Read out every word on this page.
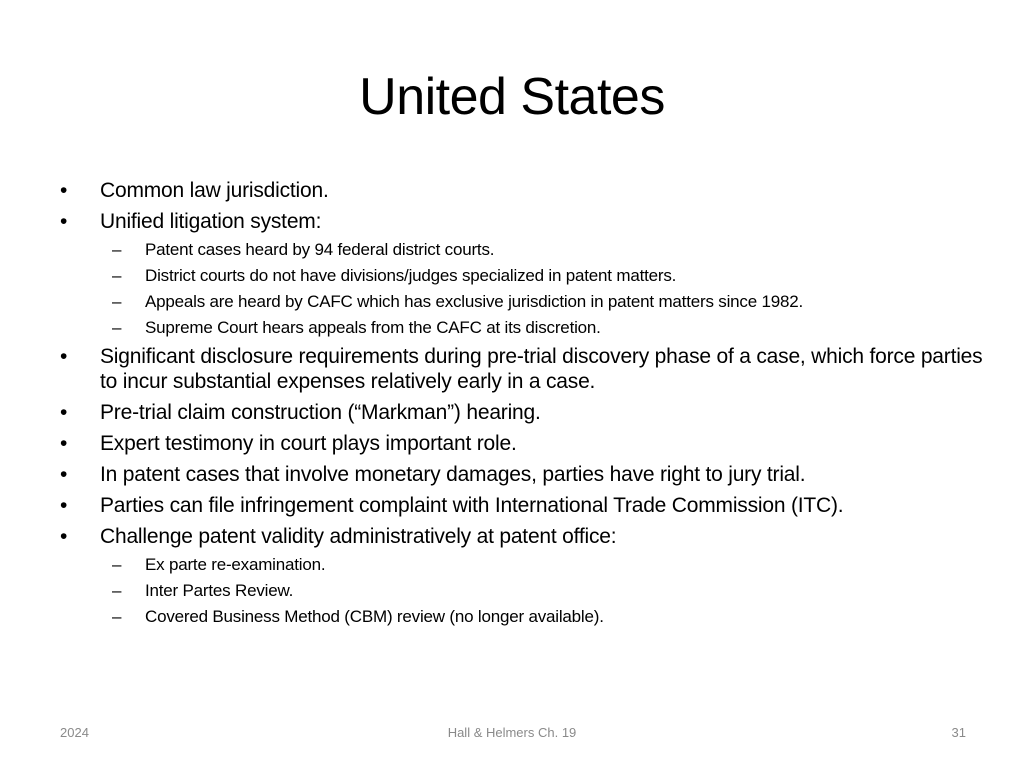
United States
• Common law jurisdiction.
• Unified litigation system:
– Patent cases heard by 94 federal district courts.
– District courts do not have divisions/judges specialized in patent matters.
– Appeals are heard by CAFC which has exclusive jurisdiction in patent matters since 1982.
– Supreme Court hears appeals from the CAFC at its discretion.
• Significant disclosure requirements during pre-trial discovery phase of a case, which force parties to incur substantial expenses relatively early in a case.
• Pre-trial claim construction (“Markman”) hearing.
• Expert testimony in court plays important role.
• In patent cases that involve monetary damages, parties have right to jury trial.
• Parties can file infringement complaint with International Trade Commission (ITC).
• Challenge patent validity administratively at patent office:
– Ex parte re-examination.
– Inter Partes Review.
– Covered Business Method (CBM) review (no longer available).
2024	Hall & Helmers Ch. 19	31
